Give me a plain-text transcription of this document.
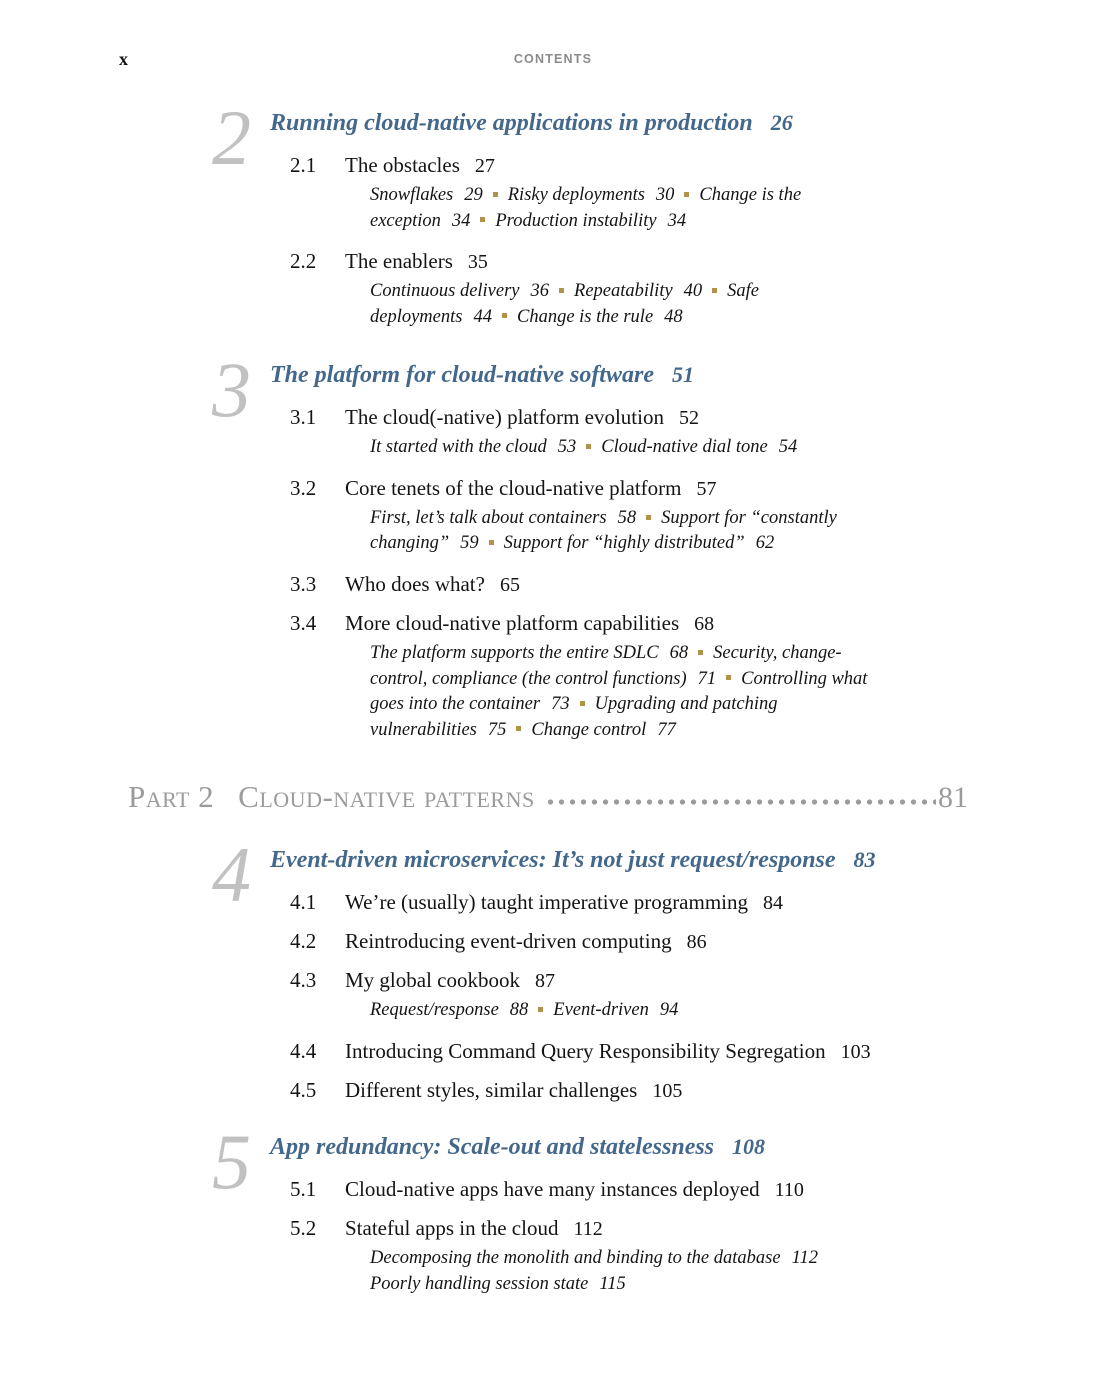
x	CONTENTS
2 Running cloud-native applications in production 26
2.1	The obstacles 27
Snowflakes 29 Risky deployments 30 Change is the
exception 34 Production instability 34
2.2	The enablers 35
Continuous delivery 36 Repeatability 40 Safe
deployments 44 Change is the rule 48
3 The platform for cloud-native software 51
3.1	The cloud(-native) platform evolution 52
It started with the cloud 53 Cloud-native dial tone 54
3.2	Core tenets of the cloud-native platform 57
First, let’s talk about containers 58 Support for “constantly
changing” 59 Support for “highly distributed” 62
3.3	Who does what? 65
3.4	More cloud-native platform capabilities 68
The platform supports the entire SDLC 68 Security, change-
control, compliance (the control functions) 71 Controlling what
goes into the container 73 Upgrading and patching
vulnerabilities 75 Change control 77
Part 2 Cloud-native patterns	81
4 Event-driven microservices: It’s not just request/response 83
4.1	We’re (usually) taught imperative programming 84
4.2	Reintroducing event-driven computing 86
4.3	My global cookbook 87
Request/response 88 Event-driven 94
4.4	Introducing Command Query Responsibility Segregation 103
4.5	Different styles, similar challenges 105
5 App redundancy: Scale-out and statelessness 108
5.1	Cloud-native apps have many instances deployed 110
5.2	Stateful apps in the cloud 112
Decomposing the monolith and binding to the database 112
Poorly handling session state 115
